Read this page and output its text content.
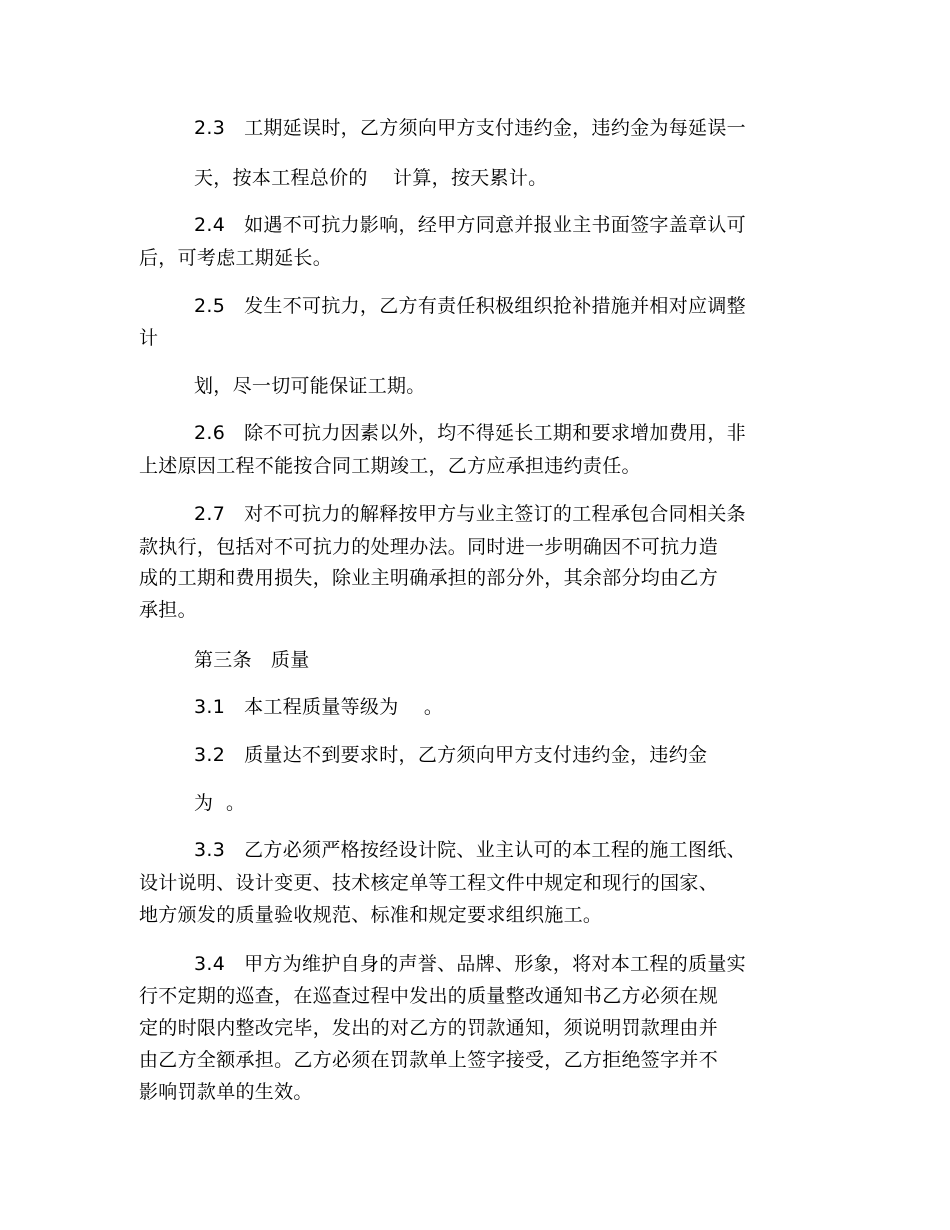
2.3   工期延误时，乙方须向甲方支付违约金，违约金为每延误一

天，按本工程总价的    计算，按天累计。

2.4   如遇不可抗力影响，经甲方同意并报业主书面签字盖章认可

后，可考虑工期延长。

2.5   发生不可抗力，乙方有责任积极组织抢补措施并相对应调整

计

划，尽一切可能保证工期。

2.6   除不可抗力因素以外，均不得延长工期和要求增加费用，非

上述原因工程不能按合同工期竣工，乙方应承担违约责任。

2.7   对不可抗力的解释按甲方与业主签订的工程承包合同相关条

款执行，包括对不可抗力的处理办法。同时进一步明确因不可抗力造

成的工期和费用损失，除业主明确承担的部分外，其余部分均由乙方

承担。

第三条   质量

3.1   本工程质量等级为    。

3.2   质量达不到要求时，乙方须向甲方支付违约金，违约金

为  。

3.3   乙方必须严格按经设计院、业主认可的本工程的施工图纸、

设计说明、设计变更、技术核定单等工程文件中规定和现行的国家、

地方颁发的质量验收规范、标准和规定要求组织施工。

3.4   甲方为维护自身的声誉、品牌、形象，将对本工程的质量实

行不定期的巡查，在巡查过程中发出的质量整改通知书乙方必须在规

定的时限内整改完毕，发出的对乙方的罚款通知，须说明罚款理由并

由乙方全额承担。乙方必须在罚款单上签字接受，乙方拒绝签字并不

影响罚款单的生效。
